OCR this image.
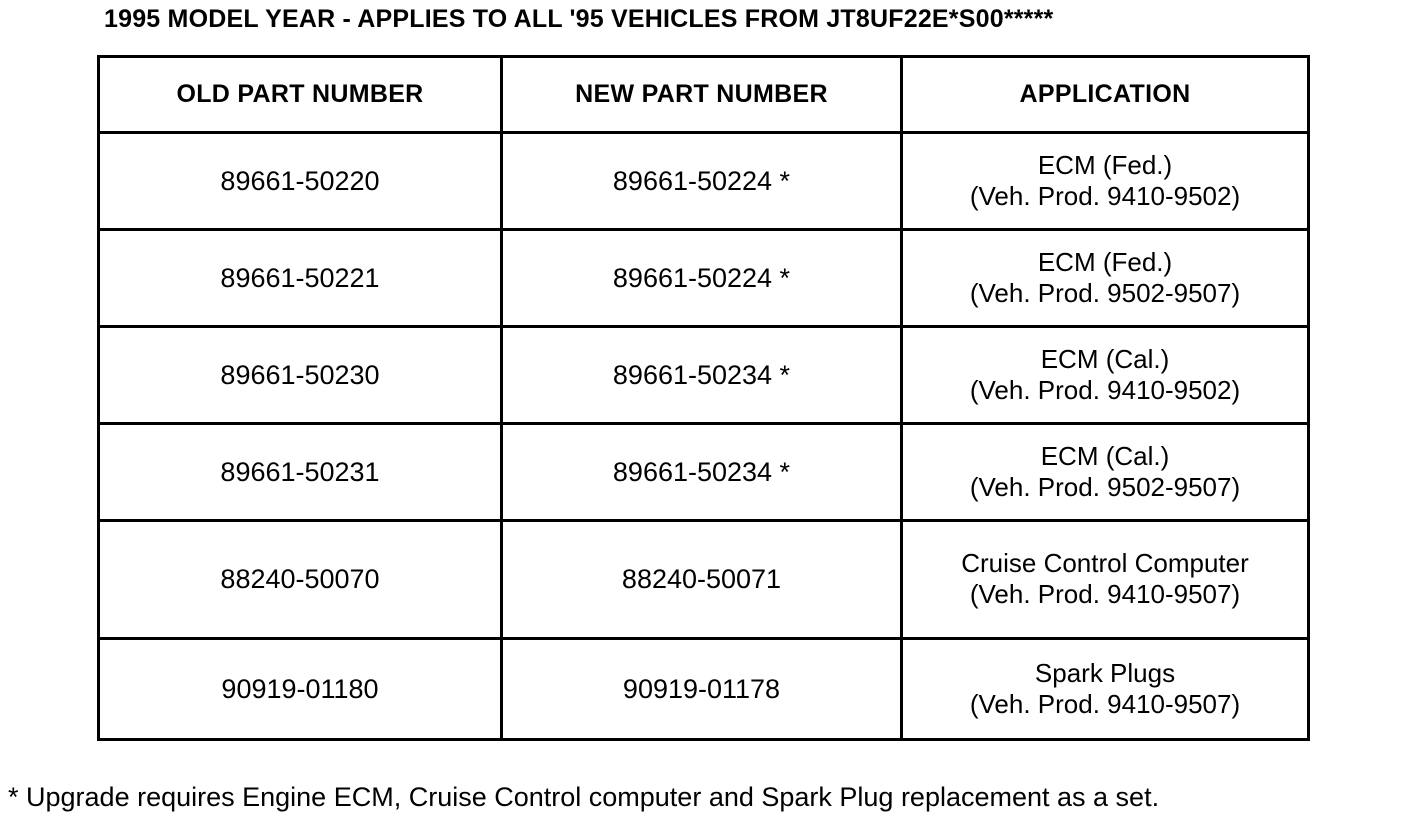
1995 MODEL YEAR - APPLIES TO ALL '95 VEHICLES FROM JT8UF22E*S00*****
OLD PART NUMBER	NEW PART NUMBER	APPLICATION
89661-50220	89661-50224 *	ECM (Fed.)
(Veh. Prod. 9410-9502)

89661-50221	89661-50224 *	ECM (Fed.)
(Veh. Prod. 9502-9507)

89661-50230	89661-50234 *	ECM (Cal.)
(Veh. Prod. 9410-9502)

89661-50231	89661-50234 *	ECM (Cal.)
(Veh. Prod. 9502-9507)

88240-50070	88240-50071	Cruise Control Computer
(Veh. Prod. 9410-9507)

90919-01180	90919-01178	Spark Plugs
(Veh. Prod. 9410-9507)
* Upgrade requires Engine ECM, Cruise Control computer and Spark Plug replacement as a set.
